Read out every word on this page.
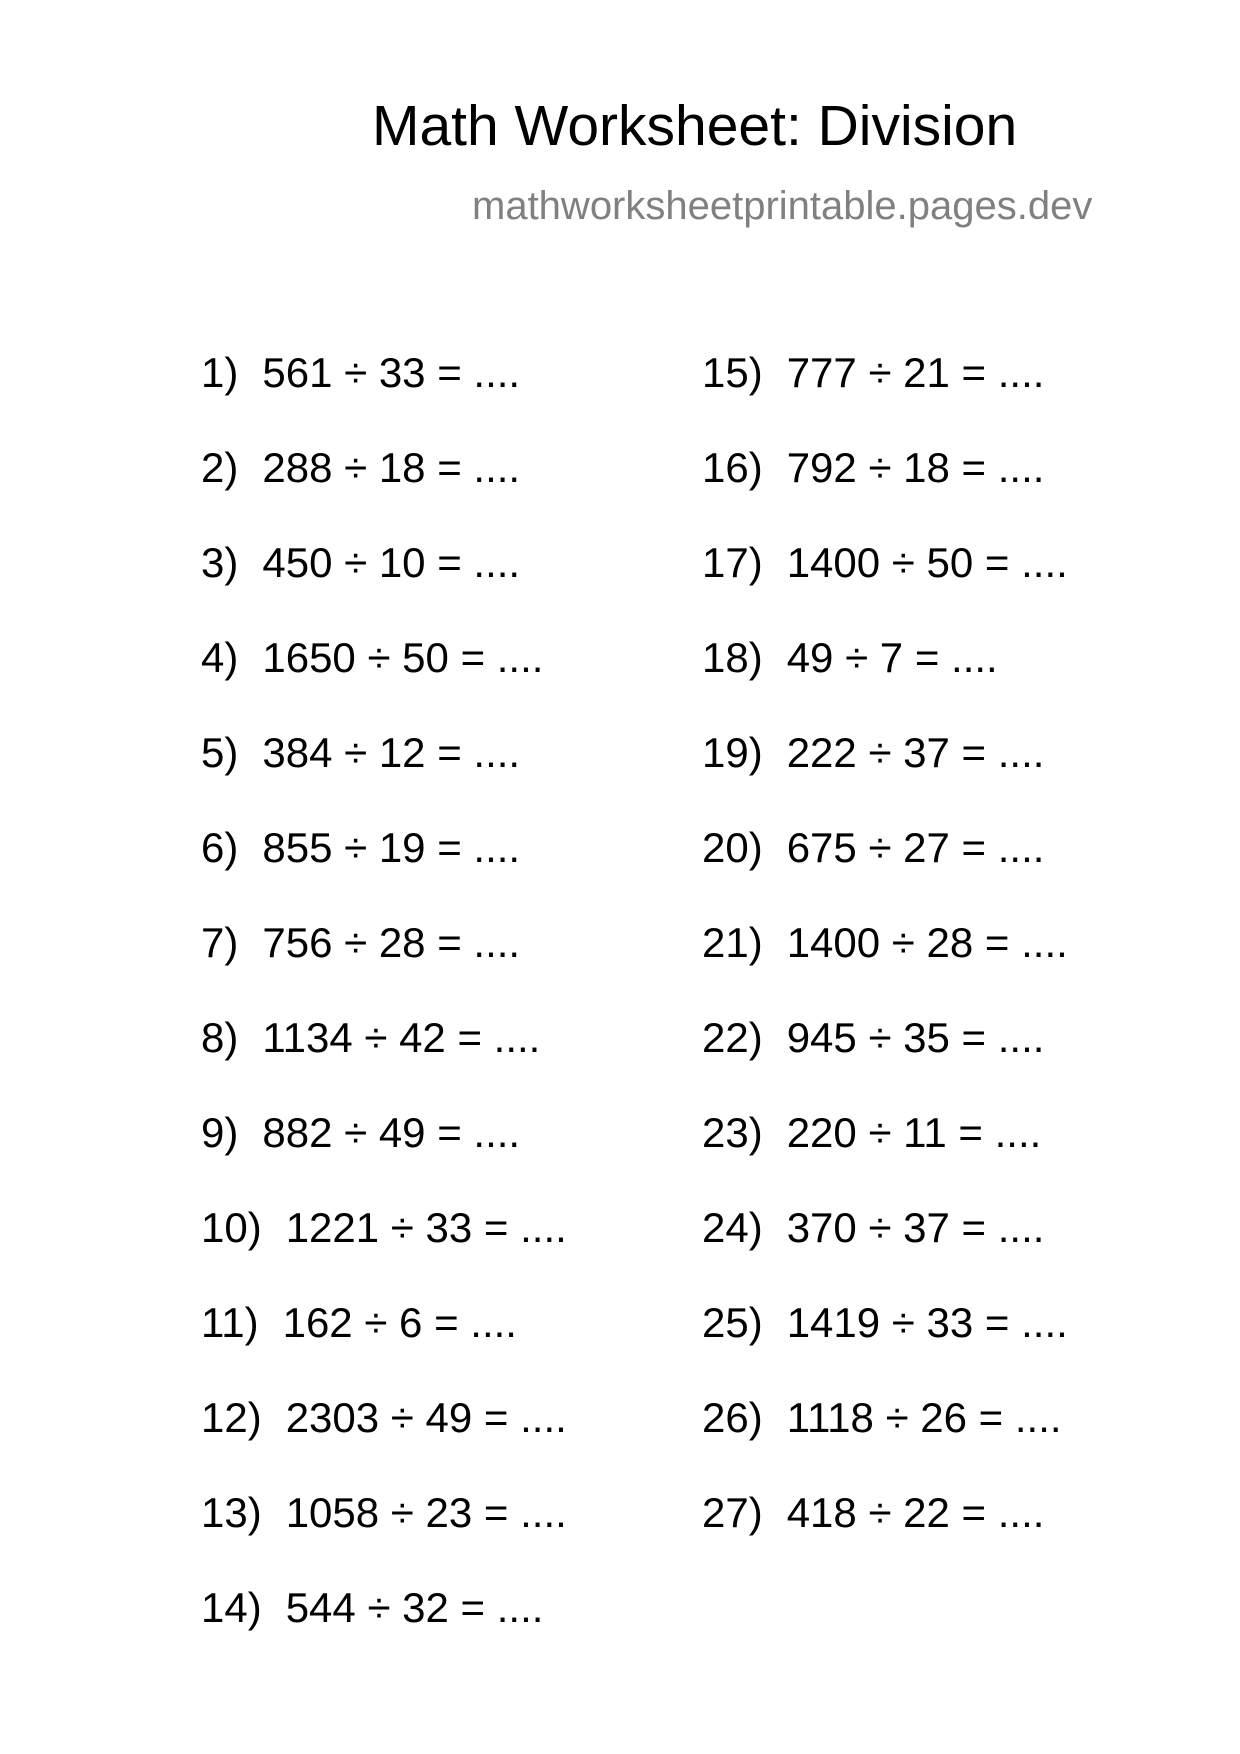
Math Worksheet: Division
mathworksheetprintable.pages.dev
1) 561 ÷ 33 = ....
2) 288 ÷ 18 = ....
3) 450 ÷ 10 = ....
4) 1650 ÷ 50 = ....
5) 384 ÷ 12 = ....
6) 855 ÷ 19 = ....
7) 756 ÷ 28 = ....
8) 1134 ÷ 42 = ....
9) 882 ÷ 49 = ....
10) 1221 ÷ 33 = ....
11) 162 ÷ 6 = ....
12) 2303 ÷ 49 = ....
13) 1058 ÷ 23 = ....
14) 544 ÷ 32 = ....
15) 777 ÷ 21 = ....
16) 792 ÷ 18 = ....
17) 1400 ÷ 50 = ....
18) 49 ÷ 7 = ....
19) 222 ÷ 37 = ....
20) 675 ÷ 27 = ....
21) 1400 ÷ 28 = ....
22) 945 ÷ 35 = ....
23) 220 ÷ 11 = ....
24) 370 ÷ 37 = ....
25) 1419 ÷ 33 = ....
26) 1118 ÷ 26 = ....
27) 418 ÷ 22 = ....
